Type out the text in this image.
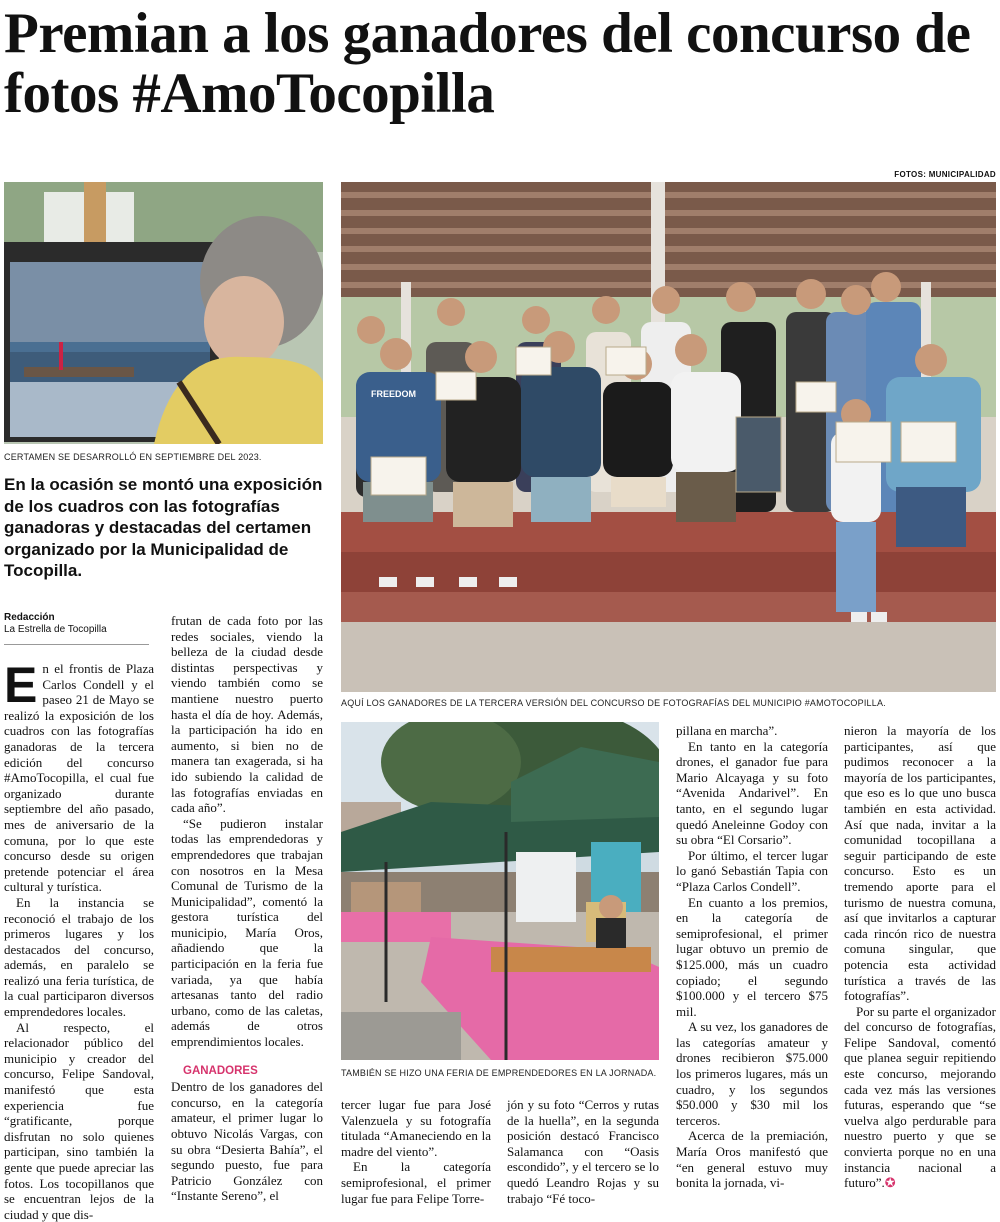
Premian a los ganadores del concurso de fotos #AmoTocopilla
FOTOS: MUNICIPALIDAD
CERTAMEN SE DESARROLLÓ EN SEPTIEMBRE DEL 2023.
FREEDOM
AQUÍ LOS GANADORES DE LA TERCERA VERSIÓN DEL CONCURSO DE FOTOGRAFÍAS DEL MUNICIPIO #AMOTOCOPILLA.
TAMBIÉN SE HIZO UNA FERIA DE EMPRENDEDORES EN LA JORNADA.

En la ocasión se montó una exposición de los cuadros con las fotografías ganadoras y destacadas del certamen organizado por la Municipalidad de Tocopilla.

Redacción
La Estrella de Tocopilla

En el frontis de Plaza Carlos Condell y el paseo 21 de Mayo se realizó la exposición de los cuadros con las fotografías ganadoras de la tercera edición del concurso #AmoTocopilla, el cual fue organizado durante septiembre del año pasado, mes de aniversario de la comuna, por lo que este concurso desde su origen pretende potenciar el área cultural y turística.

En la instancia se reconoció el trabajo de los primeros lugares y los destacados del concurso, además, en paralelo se realizó una feria turística, de la cual participaron diversos emprendedores locales.

Al respecto, el relacionador público del municipio y creador del concurso, Felipe Sandoval, manifestó que esta experiencia fue “gratificante, porque disfrutan no solo quienes participan, sino también la gente que puede apreciar las fotos. Los tocopillanos que se encuentran lejos de la ciudad y que dis-

frutan de cada foto por las redes sociales, viendo la belleza de la ciudad desde distintas perspectivas y viendo también como se mantiene nuestro puerto hasta el día de hoy. Además, la participación ha ido en aumento, si bien no de manera tan exagerada, si ha ido subiendo la calidad de las fotografías enviadas en cada año”.

“Se pudieron instalar todas las emprendedoras y emprendedores que trabajan con nosotros en la Mesa Comunal de Turismo de la Municipalidad”, comentó la gestora turística del municipio, María Oros, añadiendo que la participación en la feria fue variada, ya que había artesanas tanto del radio urbano, como de las caletas, además de otros emprendimientos locales.

GANADORES

Dentro de los ganadores del concurso, en la categoría amateur, el primer lugar lo obtuvo Nicolás Vargas, con su obra “Desierta Bahía”, el segundo puesto, fue para Patricio González con “Instante Sereno”, el

tercer lugar fue para José Valenzuela y su fotografía titulada “Amaneciendo en la madre del viento”.

En la categoría semiprofesional, el primer lugar fue para Felipe Torre-

jón y su foto “Cerros y rutas de la huella”, en la segunda posición destacó Francisco Salamanca con “Oasis escondido”, y el tercero se lo quedó Leandro Rojas y su trabajo “Fé toco-

pillana en marcha”.

En tanto en la categoría drones, el ganador fue para Mario Alcayaga y su foto “Avenida Andarivel”. En tanto, en el segundo lugar quedó Aneleinne Godoy con su obra “El Corsario”.

Por último, el tercer lugar lo ganó Sebastián Tapia con “Plaza Carlos Condell”.

En cuanto a los premios, en la categoría de semiprofesional, el primer lugar obtuvo un premio de $125.000, más un cuadro copiado; el segundo $100.000 y el tercero $75 mil.

A su vez, los ganadores de las categorías amateur y drones recibieron $75.000 los primeros lugares, más un cuadro, y los segundos $50.000 y $30 mil los terceros.

Acerca de la premiación, María Oros manifestó que “en general estuvo muy bonita la jornada, vi-

nieron la mayoría de los participantes, así que pudimos reconocer a la mayoría de los participantes, que eso es lo que uno busca también en esta actividad. Así que nada, invitar a la comunidad tocopillana a seguir participando de este concurso. Esto es un tremendo aporte para el turismo de nuestra comuna, así que invitarlos a capturar cada rincón rico de nuestra comuna singular, que potencia esta actividad turística a través de las fotografías”.

Por su parte el organizador del concurso de fotografías, Felipe Sandoval, comentó que planea seguir repitiendo este concurso, mejorando cada vez más las versiones futuras, esperando que “se vuelva algo perdurable para nuestro puerto y que se convierta porque no en una instancia nacional a futuro”.✪
